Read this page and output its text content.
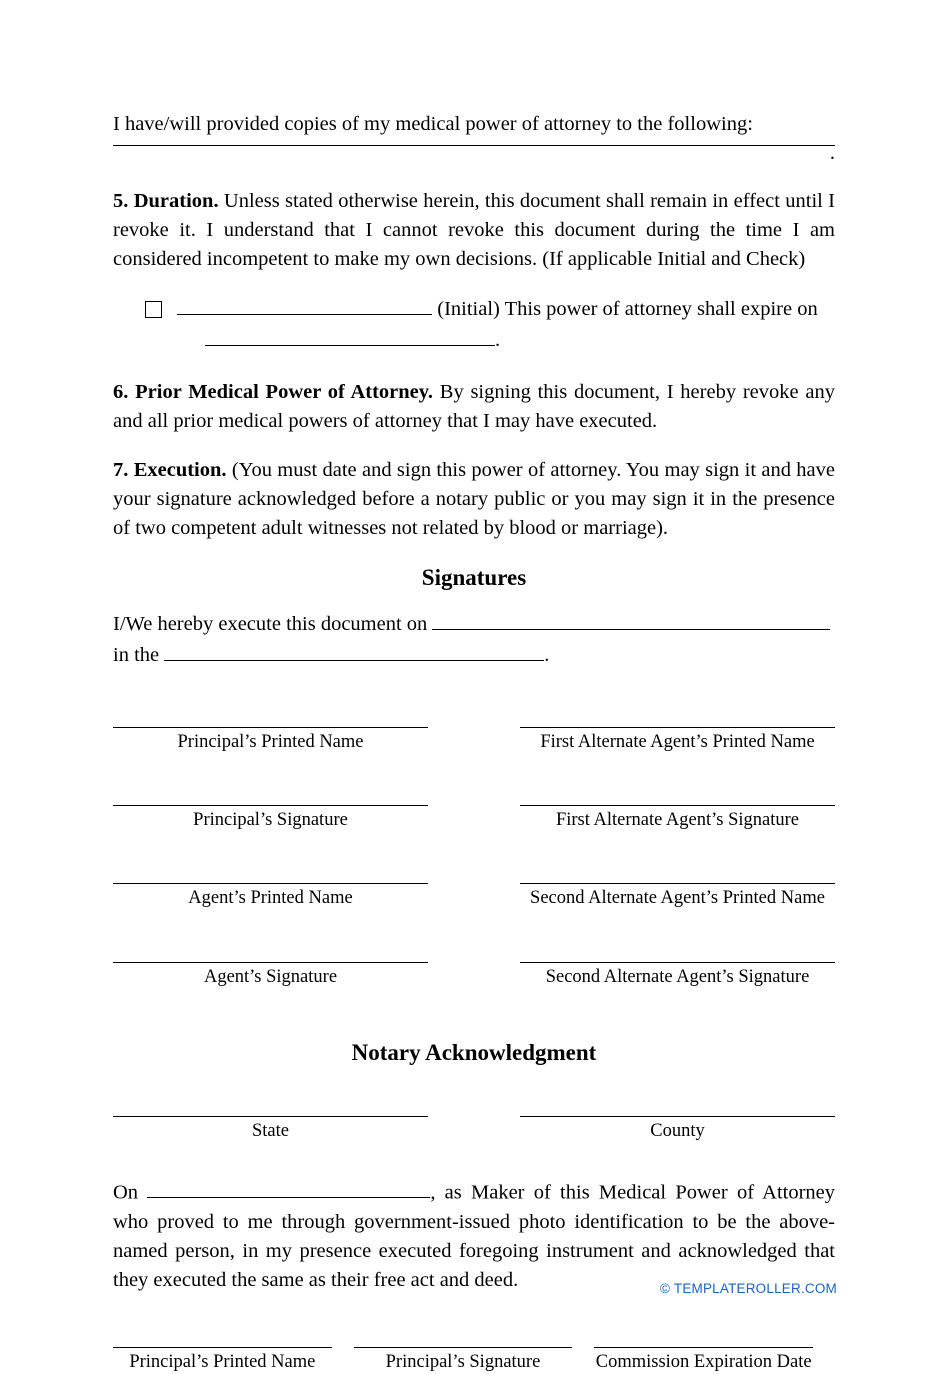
I have/will provided copies of my medical power of attorney to the following:

.

5. Duration. Unless stated otherwise herein, this document shall remain in effect until I revoke it. I understand that I cannot revoke this document during the time I am considered incompetent to make my own decisions. (If applicable Initial and Check)

(Initial) This power of attorney shall expire on
.

6. Prior Medical Power of Attorney. By signing this document, I hereby revoke any and all prior medical powers of attorney that I may have executed.

7. Execution. (You must date and sign this power of attorney. You may sign it and have your signature acknowledged before a notary public or you may sign it in the presence of two competent adult witnesses not related by blood or marriage).

Signatures
I/We hereby execute this document on
in the	.
Principal’s Printed Name	First Alternate Agent’s Printed Name

Principal’s Signature	First Alternate Agent’s Signature

Agent’s Printed Name	Second Alternate Agent’s Printed Name

Agent’s Signature	Second Alternate Agent’s Signature
Notary Acknowledgment
State	County

On	, as Maker of this Medical Power of Attorney who proved to me through government-issued photo identification to be the above-named person, in my presence executed foregoing instrument and acknowledged that they executed the same as their free act and deed.

Principal’s Printed Name	Principal’s Signature	Commission Expiration Date
© TEMPLATEROLLER.COM
